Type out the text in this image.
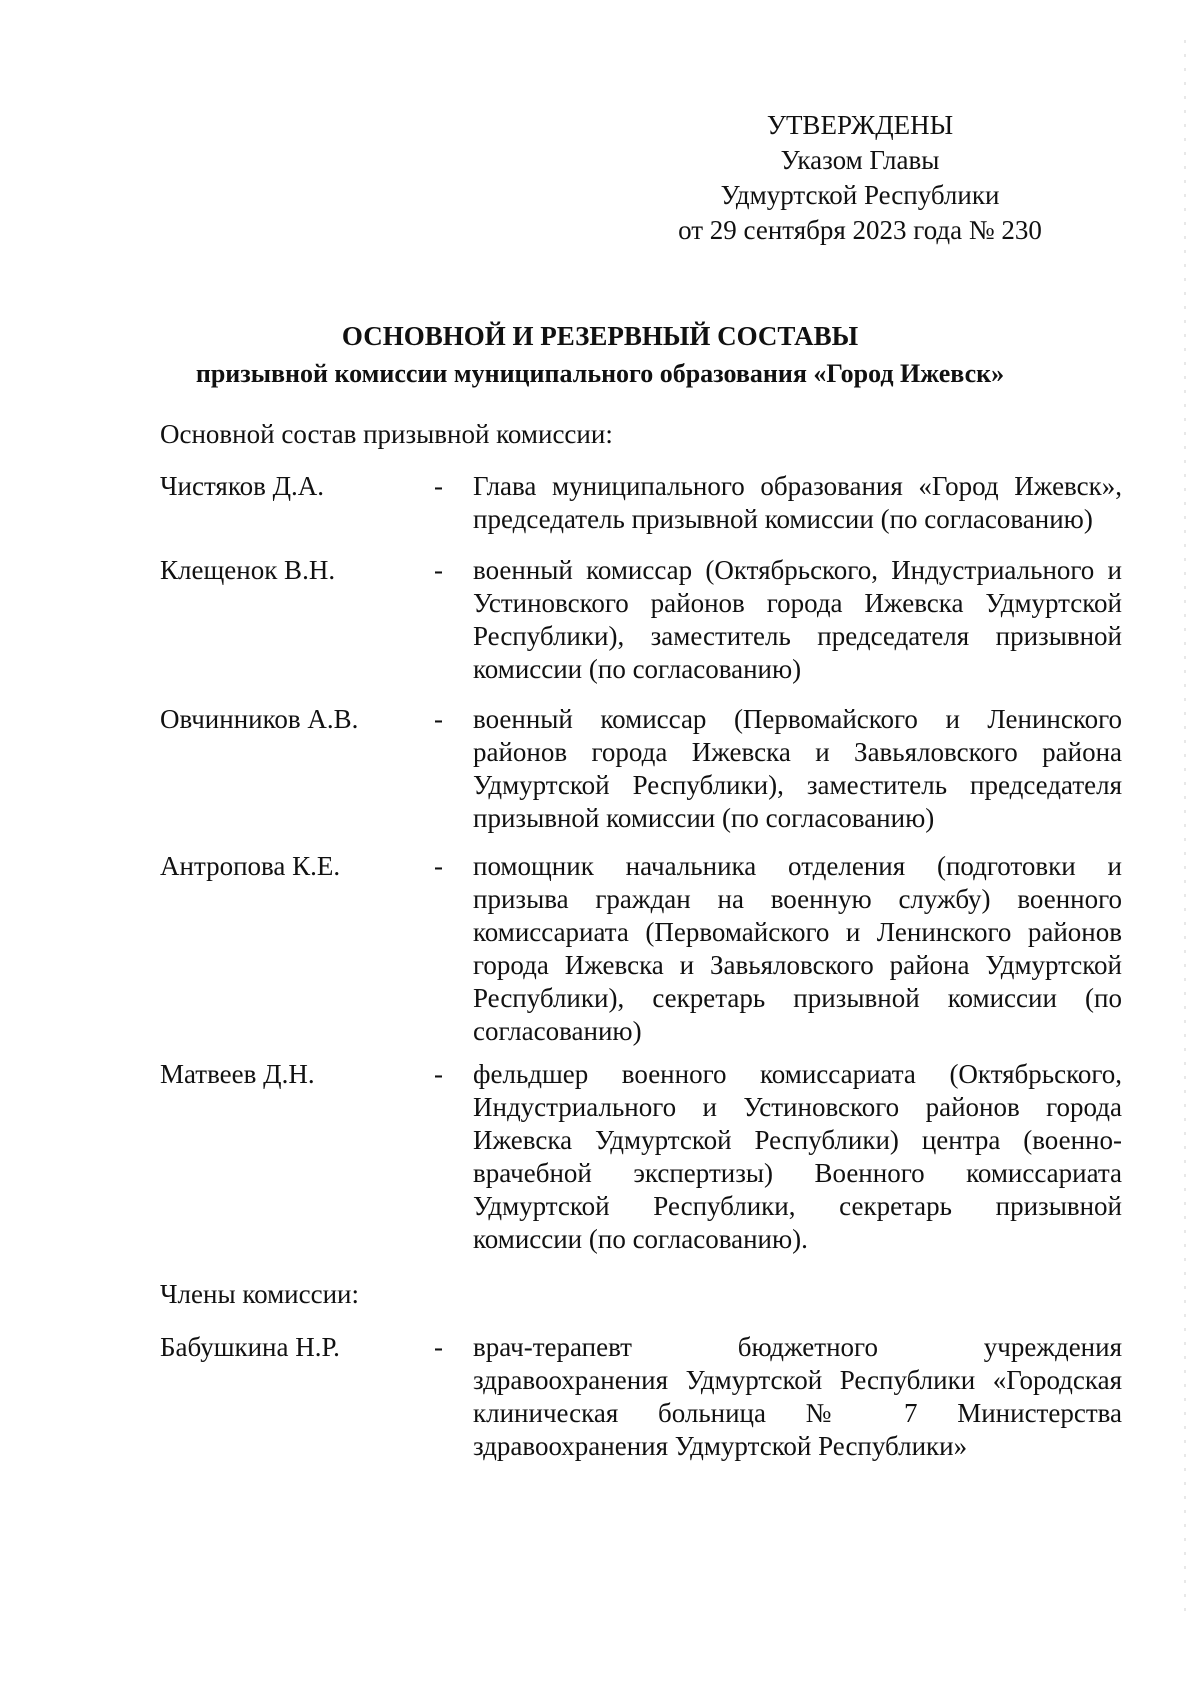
УТВЕРЖДЕНЫ
Указом Главы
Удмуртской Республики
от 29 сентября 2023 года № 230
ОСНОВНОЙ И РЕЗЕРВНЫЙ СОСТАВЫ
призывной комиссии муниципального образования «Город Ижевск»
Основной состав призывной комиссии:
Чистяков Д.А.	- Глава муниципального образования «Город Ижевск», председатель призывной комиссии (по согласованию)
Клещенок В.Н.	- военный комиссар (Октябрьского, Индустриального и Устиновского районов города Ижевска Удмуртской Республики), заместитель председателя призывной комиссии (по согласованию)
Овчинников А.В.	- военный комиссар (Первомайского и Ленинского районов города Ижевска и Завьяловского района Удмуртской Республики), заместитель председателя призывной комиссии (по согласованию)
Антропова К.Е.	- помощник начальника отделения (подготовки и призыва граждан на военную службу) военного комиссариата (Первомайского и Ленинского районов города Ижевска и Завьяловского района Удмуртской Республики), секретарь призывной комиссии (по согласованию)
Матвеев Д.Н.	- фельдшер военного комиссариата (Октябрьского, Индустриального и Устиновского районов города Ижевска Удмуртской Республики) центра (военно-врачебной экспертизы) Военного комиссариата Удмуртской Республики, секретарь призывной комиссии (по согласованию).
Члены комиссии:
Бабушкина Н.Р.	- врач-терапевт бюджетного учреждения здравоохранения Удмуртской Республики «Городская клиническая больница № 7 Министерства здравоохранения Удмуртской Республики»
